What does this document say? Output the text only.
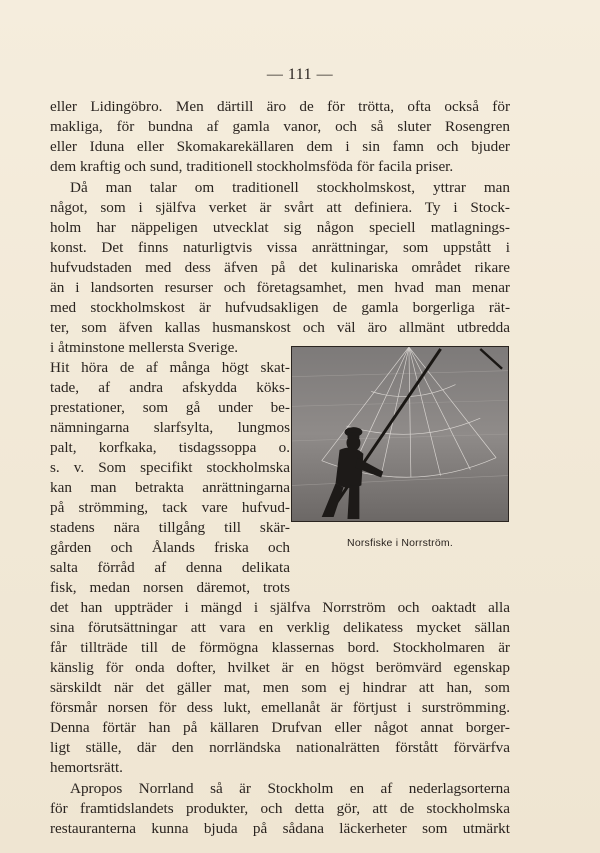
— 111 —
eller Lidingöbro. Men därtill äro de för trötta, ofta också för
makliga, för bundna af gamla vanor, och så sluter Rosengren
eller Iduna eller Skomakarekällaren dem i sin famn och bjuder
dem kraftig och sund, traditionell stockholmsföda för facila priser.
Då man talar om traditionell stockholmskost, yttrar man
något, som i själfva verket är svårt att definiera. Ty i Stock-
holm har näppeligen utvecklat sig någon speciell matlagnings-
konst. Det finns naturligtvis vissa anrättningar, som uppstått i
hufvudstaden med dess äfven på det kulinariska området rikare
än i landsorten resurser och företagsamhet, men hvad man menar
med stockholmskost är hufvudsakligen de gamla borgerliga rät-
ter, som äfven kallas husmanskost och väl äro allmänt utbredda
i åtminstone mellersta Sverige.
Hit höra de af många högt skat-
tade, af andra afskydda köks-
prestationer, som gå under be-
nämningarna slarfsylta, lungmos
palt, korfkaka, tisdagssoppa o.
s. v. Som specifikt stockholmska
kan man betrakta anrättningarna
på strömming, tack vare hufvud-
stadens nära tillgång till skär-
gården och Ålands friska och
salta förråd af denna delikata
fisk, medan norsen däremot, trots
det han uppträder i mängd i själfva Norrström och oaktadt alla
sina förutsättningar att vara en verklig delikatess mycket sällan
får tillträde till de förmögna klassernas bord. Stockholmaren är
känslig för onda dofter, hvilket är en högst berömvärd egenskap
särskildt när det gäller mat, men som ej hindrar att han, som
försmår norsen för dess lukt, emellanåt är förtjust i surströmming.
Denna förtär han på källaren Drufvan eller något annat borger-
ligt ställe, där den norrländska nationalrätten förstått förvärfva
hemortsrätt.
Apropos Norrland så är Stockholm en af nederlagsorterna
för framtidslandets produkter, och detta gör, att de stockholmska
restauranterna kunna bjuda på sådana läckerheter som utmärkt
Norsfiske i Norrström.
